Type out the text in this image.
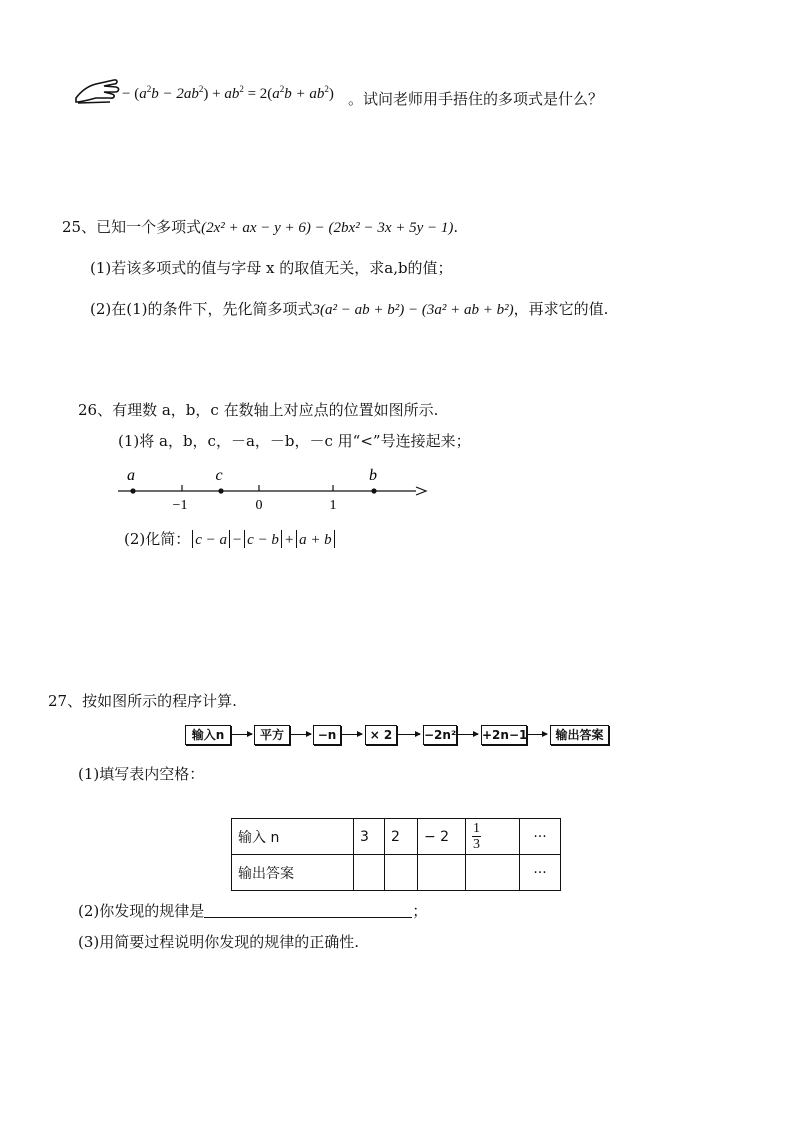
− $(a^2b - 2ab^2) + ab^2 = 2(a^2b + ab^2)$ 。试问老师用手捂住的多项式是什么？
25、已知一个多项式(2x² + ax − y + 6) − (2bx² − 3x + 5y − 1).
(1)若该多项式的值与字母 x 的取值无关，求a,b的值；
(2)在(1)的条件下，先化简多项式3(a² − ab + b²) − (3a² + ab + b²)，再求它的值.
26、有理数 a，b，c 在数轴上对应点的位置如图所示.
(1)将 a，b，c，－a，－b，－c 用“<”号连接起来；
a	c	b
−1	0	1
(2)化简： c − a − c − b + a + b
27、按如图所示的程序计算.
输入n	平方	−n	× 2	−2n² +2n−1	输出答案
(1)填写表内空格：
输入 n	3	2	− 2	$\frac{1}{3}$	···
输出答案					···
(2)你发现的规律是	；
(3)用简要过程说明你发现的规律的正确性.
